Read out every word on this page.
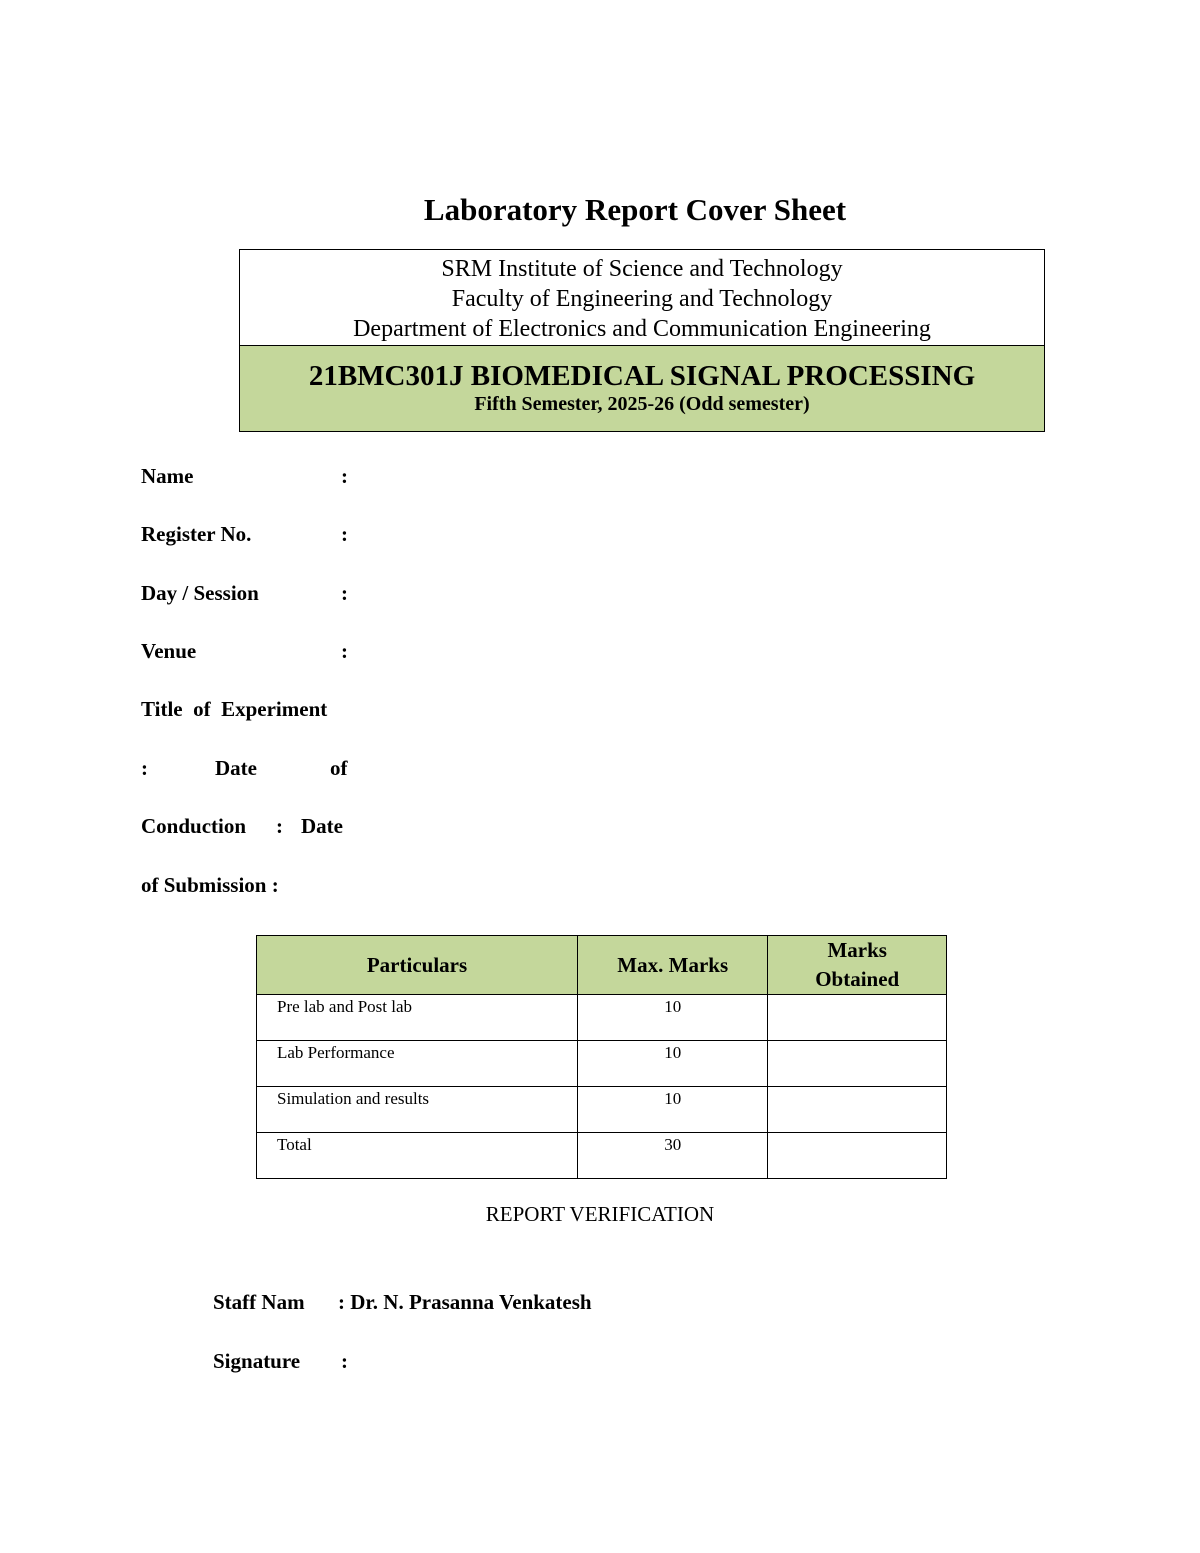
Laboratory Report Cover Sheet
SRM Institute of Science and Technology
Faculty of Engineering and Technology
Department of Electronics and Communication Engineering
21BMC301J BIOMEDICAL SIGNAL PROCESSING
Fifth Semester, 2025-26 (Odd semester)
Name	:
Register No.	:
Day / Session	:
Venue	:
Title  of  Experiment
:	Date	of
Conduction : Date
of Submission :
Particulars	Max. Marks	Marks
Obtained

Pre lab and Post lab	10	
Lab Performance	10	
Simulation and results	10	
Total	30	
REPORT VERIFICATION
Staff Nam : Dr. N. Prasanna Venkatesh
Signature :
